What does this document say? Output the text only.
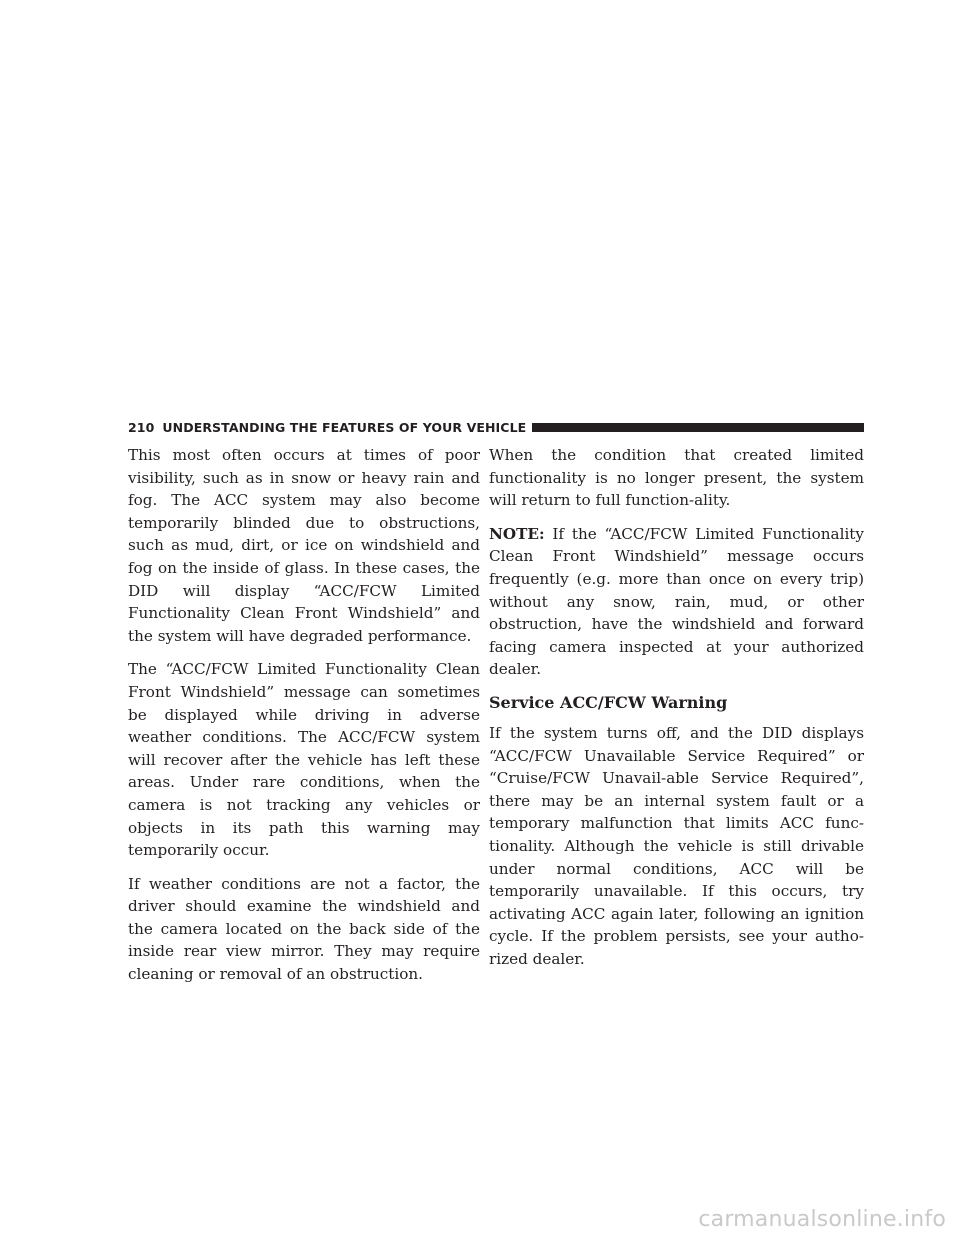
210 UNDERSTANDING THE FEATURES OF YOUR VEHICLE

This most often occurs at times of poor visibility, such as in snow or heavy rain and fog. The ACC system may also become temporarily blinded due to obstructions, such as mud, dirt, or ice on windshield and fog on the inside of glass. In these cases, the DID will display “ACC/FCW Limited Functionality Clean Front Windshield” and the system will have degraded performance.

The “ACC/FCW Limited Functionality Clean Front Windshield” message can sometimes be displayed while driving in adverse weather conditions. The ACC/FCW system will recover after the vehicle has left these areas. Under rare conditions, when the camera is not tracking any vehicles or objects in its path this warning may temporarily occur.

If weather conditions are not a factor, the driver should examine the windshield and the camera located on the back side of the inside rear view mirror. They may require cleaning or removal of an obstruction.

When the condition that created limited functionality is no longer present, the system will return to full function-ality.

NOTE: If the “ACC/FCW Limited Functionality Clean Front Windshield” message occurs frequently (e.g. more than once on every trip) without any snow, rain, mud, or other obstruction, have the windshield and forward facing camera inspected at your authorized dealer.

Service ACC/FCW Warning

If the system turns off, and the DID displays “ACC/FCW Unavailable Service Required” or “Cruise/FCW Unavail-able Service Required”, there may be an internal system fault or a temporary malfunction that limits ACC func-tionality. Although the vehicle is still drivable under normal conditions, ACC will be temporarily unavailable. If this occurs, try activating ACC again later, following an ignition cycle. If the problem persists, see your autho-rized dealer.

carmanualsonline.info
